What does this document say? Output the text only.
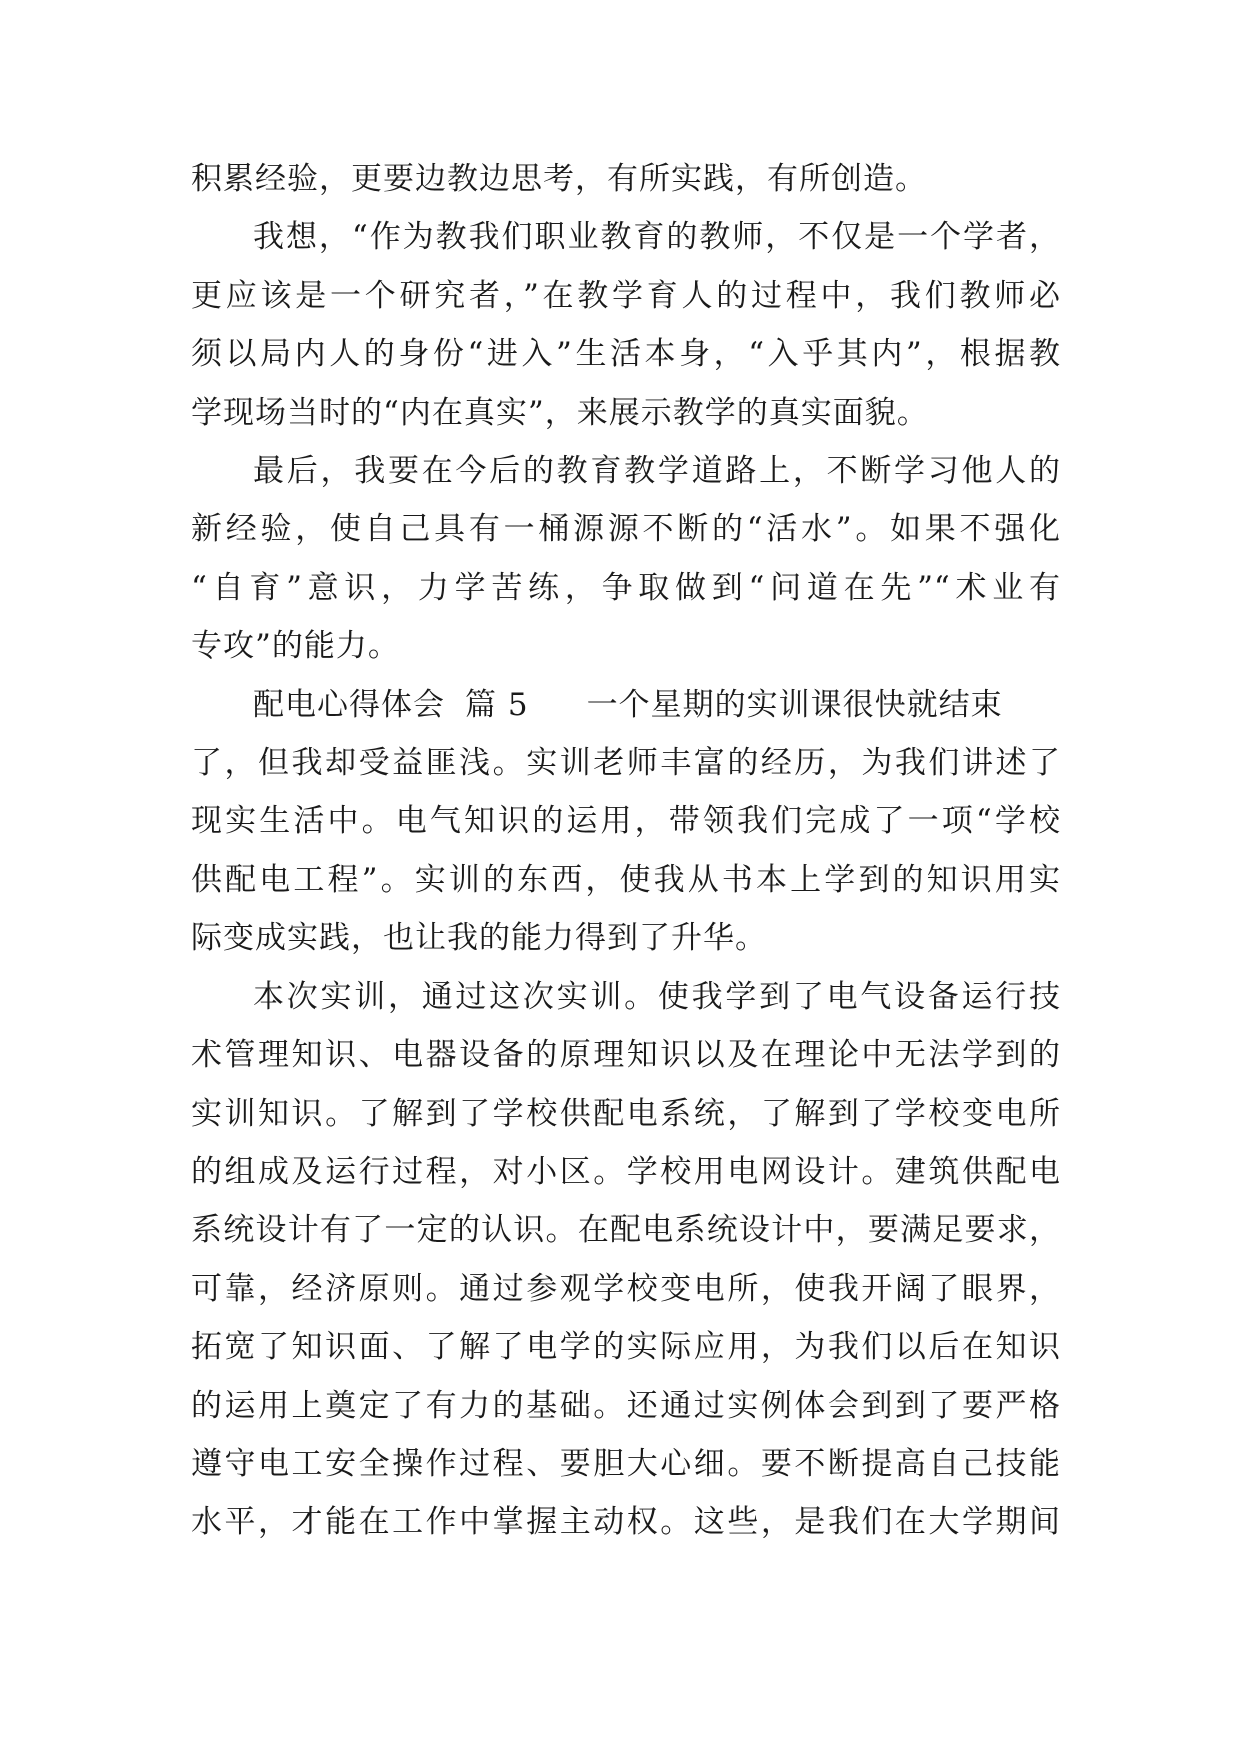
积累经验，更要边教边思考，有所实践，有所创造。
我想，“作为教我们职业教育的教师，不仅是一个学者，
更应该是一个研究者，”在教学育人的过程中，我们教师必
须以局内人的身份“进入”生活本身，“入乎其内”，根据教
学现场当时的“内在真实”，来展示教学的真实面貌。
最后，我要在今后的教育教学道路上，不断学习他人的
新经验，使自己具有一桶源源不断的“活水”。如果不强化
“自育”意识，力学苦练，争取做到“问道在先”“术业有
专攻”的能力。
配电心得体会 篇 5 一个星期的实训课很快就结束
了，但我却受益匪浅。实训老师丰富的经历，为我们讲述了
现实生活中。电气知识的运用，带领我们完成了一项“学校
供配电工程”。实训的东西，使我从书本上学到的知识用实
际变成实践，也让我的能力得到了升华。
本次实训，通过这次实训。使我学到了电气设备运行技
术管理知识、电器设备的原理知识以及在理论中无法学到的
实训知识。了解到了学校供配电系统，了解到了学校变电所
的组成及运行过程，对小区。学校用电网设计。建筑供配电
系统设计有了一定的认识。在配电系统设计中，要满足要求，
可靠，经济原则。通过参观学校变电所，使我开阔了眼界，
拓宽了知识面、了解了电学的实际应用，为我们以后在知识
的运用上奠定了有力的基础。还通过实例体会到到了要严格
遵守电工安全操作过程、要胆大心细。要不断提高自己技能
水平，才能在工作中掌握主动权。这些，是我们在大学期间
